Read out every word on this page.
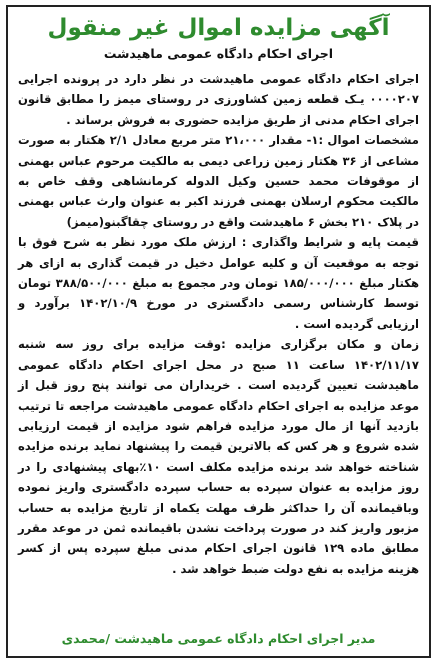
آگهی مزایده اموال غیر منقول
اجرای احکام دادگاه عمومی ماهیدشت

اجرای احکام دادگاه عمومی ماهیدشت در نظر دارد در پرونده اجرایی ۰۰۰۰۲۰۷ یـک قطعه زمین کشاورزی در روستای میمز را مطابق قانون اجرای احکام مدنی از طریق مزایده حضوری به فروش برساند .

مشخصات اموال :۱- مقدار ۲۱،۰۰۰ متر مربع معادل ۲/۱ هکتار به صورت مشاعی از ۳۶ هکتار زمین زراعی دیمی به مالکیت مرحوم عباس بهمنی از موقوفات محمد حسین وکیل الدوله کرمانشاهی وقف خاص به مالکیت محکوم ارسلان بهمنی فرزند اکبر به عنوان وارث عباس بهمنی در پلاک ۲۱۰ بخش ۶ ماهیدشت واقع در روستای چقاگبنو(میمز)

قیمت پایه و شرایط واگذاری : ارزش ملک مورد نظر به شرح فوق با توجه به موقعیت آن و کلیه عوامل دخیل در قیمت گذاری به ازای هر هکتار مبلغ ۱۸۵/۰۰۰/۰۰۰ تومان ودر مجموع به مبلغ ۳۸۸/۵۰۰/۰۰۰ تومان توسط کارشناس رسمی دادگستری در مورخ ۱۴۰۲/۱۰/۹ برآورد و ارزیابی گردیده است .

زمان و مکان برگزاری مزایده :وقت مزایده برای روز سه شنبه ۱۴۰۲/۱۱/۱۷ ساعت ۱۱ صبح در محل اجرای احکام دادگاه عمومی ماهیدشت تعیین گردیده است . خریداران می توانند پنج روز قبل از موعد مزایده به اجرای احکام دادگاه عمومی ماهیدشت مراجعه تا ترتیب بازدید آنها از مال مورد مزایده فراهم شود مزایده از قیمت ارزیابی شده شروع و هر کس که بالاترین قیمت را پیشنهاد نماید برنده مزایده شناخته خواهد شد برنده مزایده مکلف است ۱۰٪بهای پیشنهادی را در روز مزایده به عنوان سپرده به حساب سپرده دادگستری واریز نموده وباقیمانده آن را حداکثر ظرف مهلت یکماه از تاریخ مزایده به حساب مزبور واریز کند در صورت پرداخت نشدن باقیمانده ثمن در موعد مقرر مطابق ماده ۱۲۹ قانون اجرای احکام مدنی مبلغ سپرده پس از کسر هزینه مزایده به نفع دولت ضبط خواهد شد .

مدیر اجرای احکام دادگاه عمومی ماهیدشت /محمدی
